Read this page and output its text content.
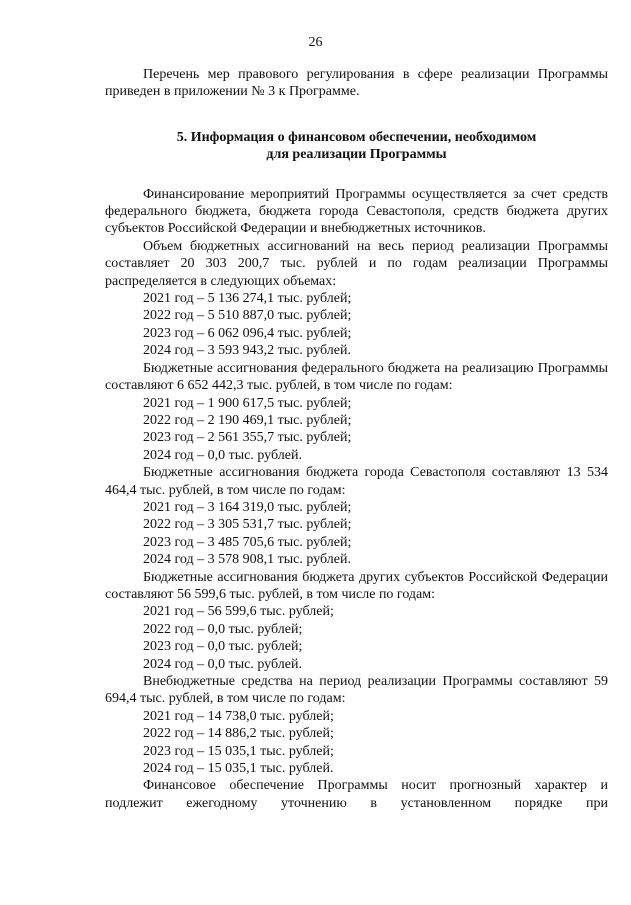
26

Перечень мер правового регулирования в сфере реализации Программы приведен в приложении № 3 к Программе.

5. Информация о финансовом обеспечении, необходимом
для реализации Программы

Финансирование мероприятий Программы осуществляется за счет средств федерального бюджета, бюджета города Севастополя, средств бюджета других субъектов Российской Федерации и внебюджетных источников.

Объем бюджетных ассигнований на весь период реализации Программы составляет 20 303 200,7 тыс. рублей и по годам реализации Программы распределяется в следующих объемах:

2021 год – 5 136 274,1 тыс. рублей;

2022 год – 5 510 887,0 тыс. рублей;

2023 год – 6 062 096,4 тыс. рублей;

2024 год – 3 593 943,2 тыс. рублей.

Бюджетные ассигнования федерального бюджета на реализацию Программы составляют 6 652 442,3 тыс. рублей, в том числе по годам:

2021 год – 1 900 617,5 тыс. рублей;

2022 год – 2 190 469,1 тыс. рублей;

2023 год – 2 561 355,7 тыс. рублей;

2024 год – 0,0 тыс. рублей.

Бюджетные ассигнования бюджета города Севастополя составляют 13 534 464,4 тыс. рублей, в том числе по годам:

2021 год – 3 164 319,0 тыс. рублей;

2022 год – 3 305 531,7 тыс. рублей;

2023 год – 3 485 705,6 тыс. рублей;

2024 год – 3 578 908,1 тыс. рублей.

Бюджетные ассигнования бюджета других субъектов Российской Федерации составляют 56 599,6 тыс. рублей, в том числе по годам:

2021 год – 56 599,6 тыс. рублей;

2022 год – 0,0 тыс. рублей;

2023 год – 0,0 тыс. рублей;

2024 год – 0,0 тыс. рублей.

Внебюджетные средства на период реализации Программы составляют 59 694,4 тыс. рублей, в том числе по годам:

2021 год – 14 738,0 тыс. рублей;

2022 год – 14 886,2 тыс. рублей;

2023 год – 15 035,1 тыс. рублей;

2024 год – 15 035,1 тыс. рублей.

Финансовое обеспечение Программы носит прогнозный характер и подлежит ежегодному уточнению в установленном порядке при
